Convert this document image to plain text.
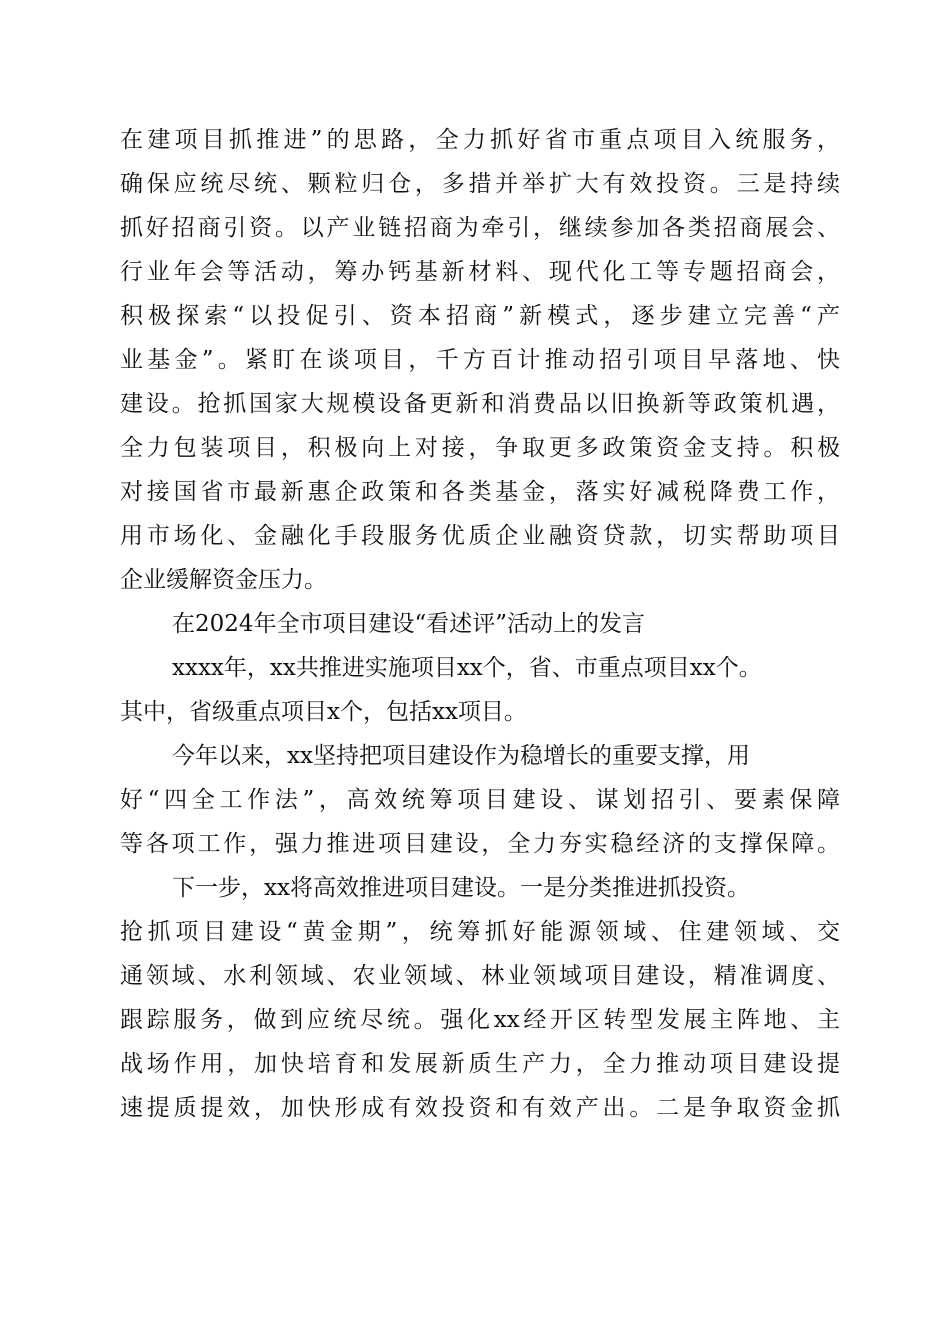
在建项目抓推进”的思路，全力抓好省市重点项目入统服务，
确保应统尽统、颗粒归仓，多措并举扩大有效投资。三是持续
抓好招商引资。以产业链招商为牵引，继续参加各类招商展会、
行业年会等活动，筹办钙基新材料、现代化工等专题招商会，
积极探索“以投促引、资本招商”新模式，逐步建立完善“产
业基金”。紧盯在谈项目，千方百计推动招引项目早落地、快
建设。抢抓国家大规模设备更新和消费品以旧换新等政策机遇，
全力包装项目，积极向上对接，争取更多政策资金支持。积极
对接国省市最新惠企政策和各类基金，落实好减税降费工作，
用市场化、金融化手段服务优质企业融资贷款，切实帮助项目
企业缓解资金压力。
在2024年全市项目建设“看述评”活动上的发言
xxxx年，xx共推进实施项目xx个，省、市重点项目xx个。
其中，省级重点项目x个，包括xx项目。
今年以来，xx坚持把项目建设作为稳增长的重要支撑，用
好“四全工作法”，高效统筹项目建设、谋划招引、要素保障
等各项工作，强力推进项目建设，全力夯实稳经济的支撑保障。
下一步，xx将高效推进项目建设。一是分类推进抓投资。
抢抓项目建设“黄金期”，统筹抓好能源领域、住建领域、交
通领域、水利领域、农业领域、林业领域项目建设，精准调度、
跟踪服务，做到应统尽统。强化xx经开区转型发展主阵地、主
战场作用，加快培育和发展新质生产力，全力推动项目建设提
速提质提效，加快形成有效投资和有效产出。二是争取资金抓
